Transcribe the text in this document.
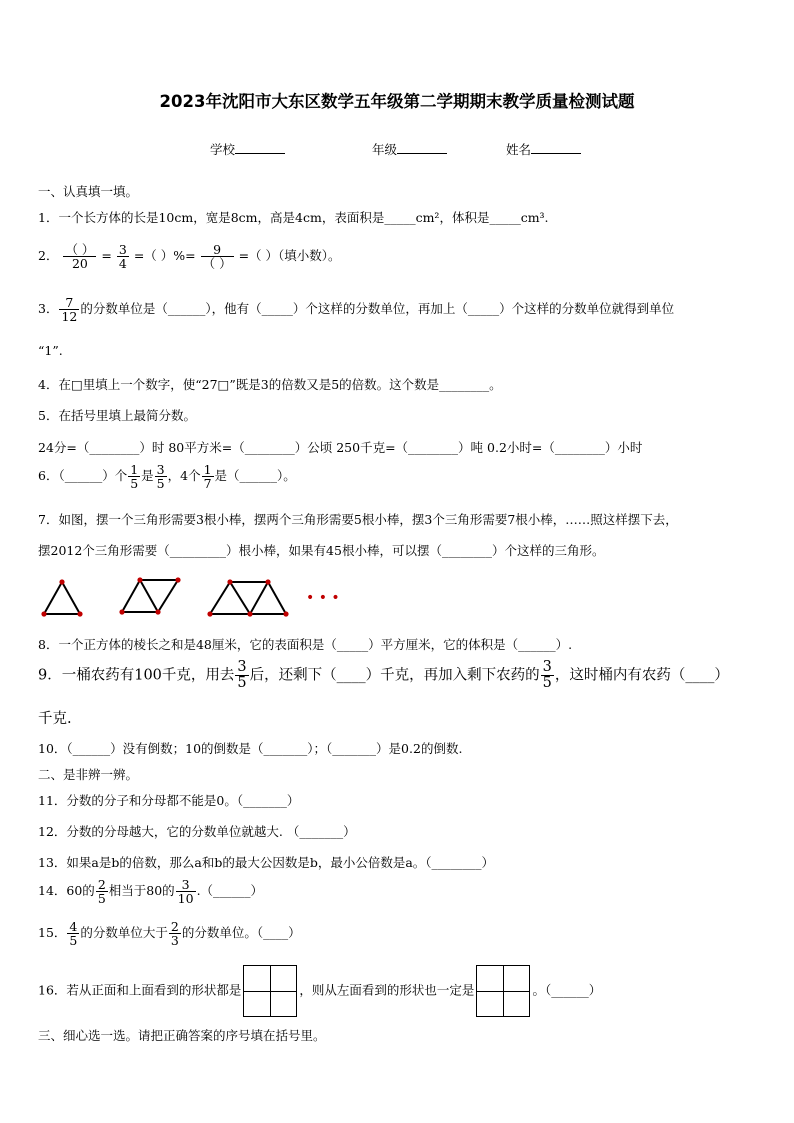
2023年沈阳市大东区数学五年级第二学期期末教学质量检测试题
学校	年级	姓名
一、认真填一填。
1．一个长方体的长是10cm，宽是8cm，高是4cm，表面积是_____cm²，体积是_____cm³.
2． $\frac{( )}{20} = \frac{3}{4}$ =（ ）%= $\frac{9}{( )}$ =（ ）（填小数）。
3． $\frac{7}{12}$ 的分数单位是（______），他有（_____）个这样的分数单位，再加上（_____）个这样的分数单位就得到单位
“1”.
4．在□里填上一个数字，使“27□”既是3的倍数又是5的倍数。这个数是________。
5．在括号里填上最简分数。
24分=（________）时 80平方米=（________）公顷 250千克=（________）吨 0.2小时=（________）小时
6．（______）个 $\frac{1}{5}$ 是 $\frac{3}{5}$ ，4个 $\frac{1}{7}$ 是（______）。
7．如图，摆一个三角形需要3根小棒，摆两个三角形需要5根小棒，摆3个三角形需要7根小棒，……照这样摆下去，
摆2012个三角形需要（_________）根小棒，如果有45根小棒，可以摆（________）个这样的三角形。
• • •
8．一个正方体的棱长之和是48厘米，它的表面积是（_____）平方厘米，它的体积是（______）.
9．一桶农药有100千克，用去 $\frac{3}{5}$ 后，还剩下（____）千克，再加入剩下农药的 $\frac{3}{5}$ ，这时桶内有农药（____）
千克.
10．（______）没有倒数；10的倒数是（_______）；（_______）是0.2的倒数.
二、是非辨一辨。
11．分数的分子和分母都不能是0。（_______）
12．分数的分母越大，它的分数单位就越大. （_______）
13．如果a是b的倍数，那么a和b的最大公因数是b，最小公倍数是a。（________）
14．60的 $\frac{2}{5}$ 相当于80的 $\frac{3}{10}$ .（______）
15． $\frac{4}{5}$ 的分数单位大于 $\frac{2}{3}$ 的分数单位。（____）
16．若从正面和上面看到的形状都是	，则从左面看到的形状也一定是	。（______）
三、细心选一选。请把正确答案的序号填在括号里。
